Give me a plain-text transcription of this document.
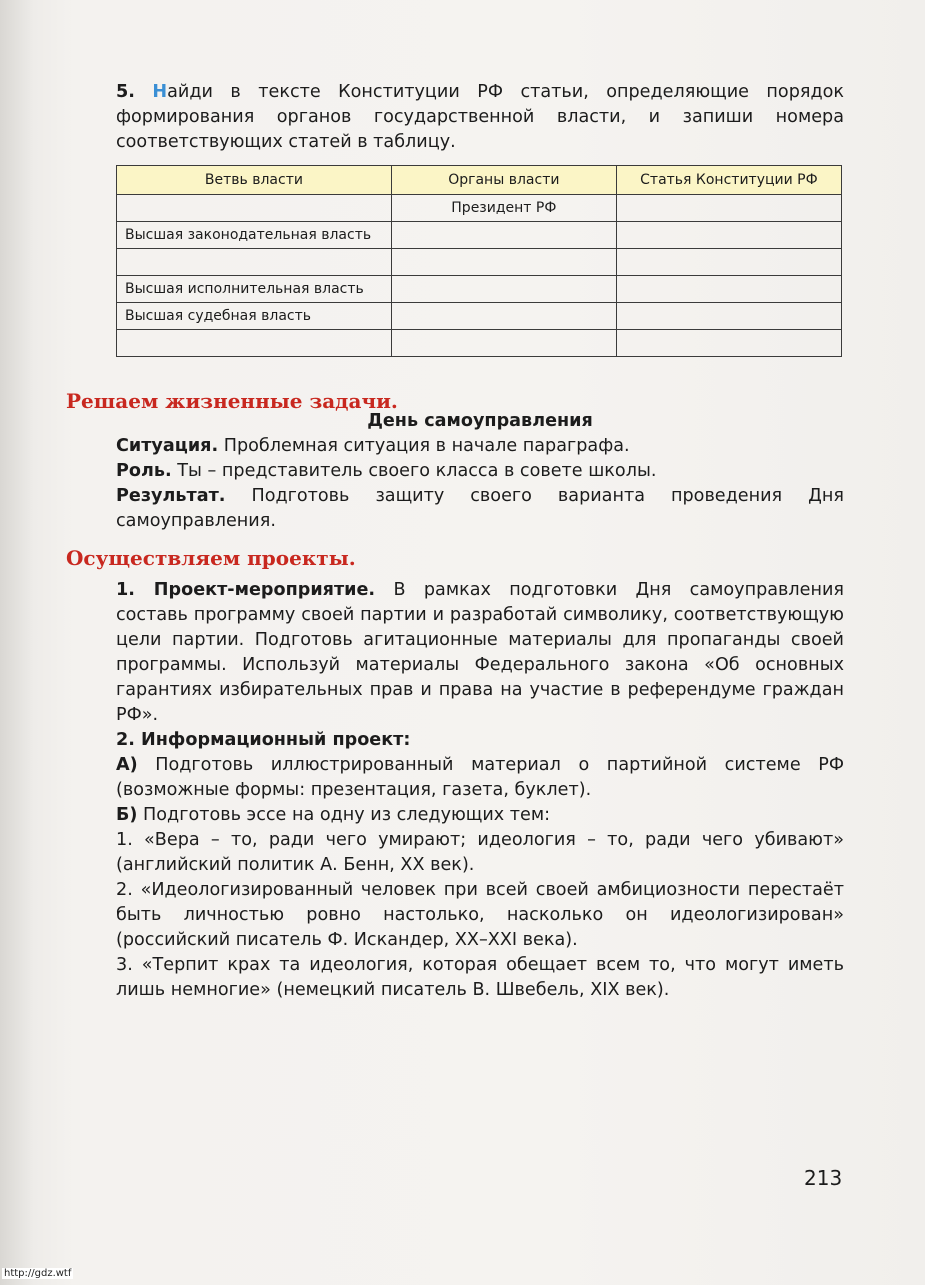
5. Найди в тексте Конституции РФ статьи, определяющие порядок формирования органов государственной власти, и запиши номера соответствующих статей в таблицу.

Ветвь власти	Органы власти	Статья Конституции РФ
	Президент РФ	
Высшая законодательная власть		

Высшая исполнительная власть		
Высшая судебная власть		

Решаем жизненные задачи.

День самоуправления

Ситуация. Проблемная ситуация в начале параграфа.

Роль. Ты – представитель своего класса в совете школы.

Результат. Подготовь защиту своего варианта проведения Дня самоуправления.

Осуществляем проекты.

1. Проект-мероприятие. В рамках подготовки Дня самоуправления составь программу своей партии и разработай символику, соответствующую цели партии. Подготовь агитационные материалы для пропаганды своей программы. Используй материалы Федерального закона «Об основных гарантиях избирательных прав и права на участие в референдуме граждан РФ».

2. Информационный проект:

А) Подготовь иллюстрированный материал о партийной системе РФ (возможные формы: презентация, газета, буклет).

Б) Подготовь эссе на одну из следующих тем:

1. «Вера – то, ради чего умирают; идеология – то, ради чего убивают» (английский политик А. Бенн, XX век).

2. «Идеологизированный человек при всей своей амбициозности перестаёт быть личностью ровно настолько, насколько он идеологизирован» (российский писатель Ф. Искандер, XX–XXI века).

3. «Терпит крах та идеология, которая обещает всем то, что могут иметь лишь немногие» (немецкий писатель В. Швебель, XIX век).

213
http://gdz.wtf
